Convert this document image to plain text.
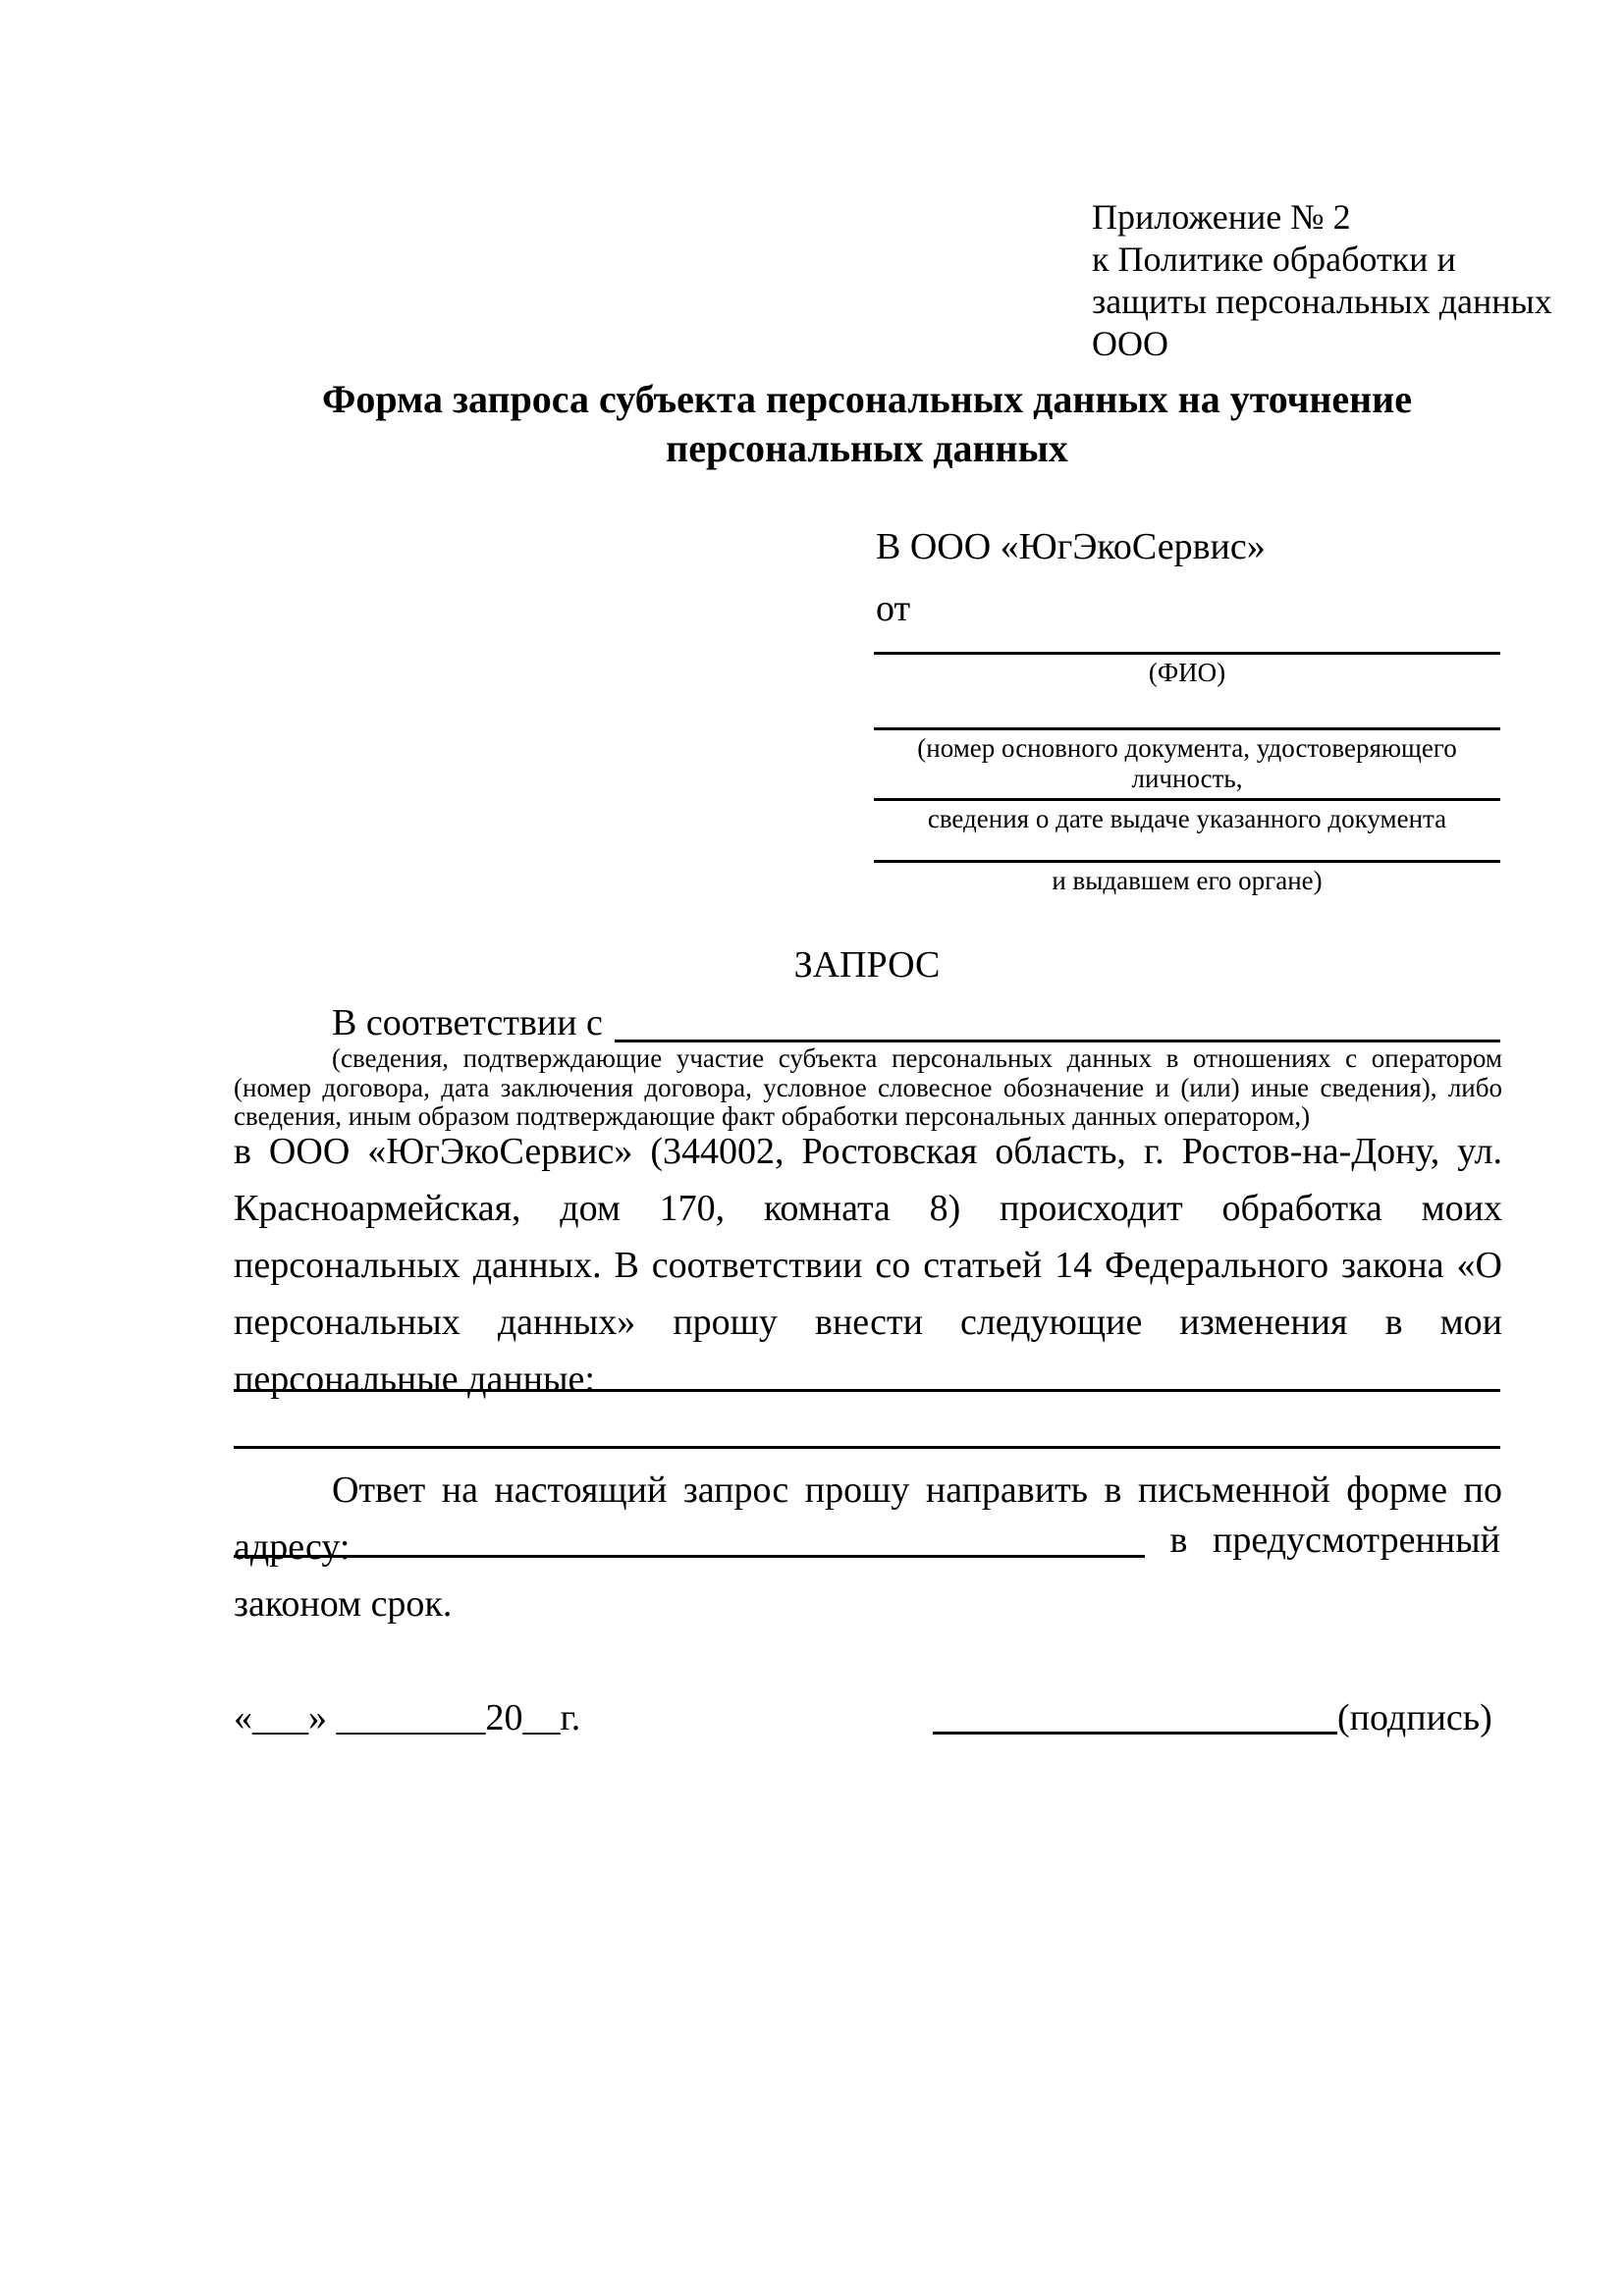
Приложение № 2
к Политике обработки и
защиты персональных данных
ООО
Форма запроса субъекта персональных данных на уточнение персональных данных
В ООО «ЮгЭкоСервис»
от
(ФИО)
(номер основного документа, удостоверяющего личность,
сведения о дате выдаче указанного документа
и выдавшем его органе)
ЗАПРОС
В соответствии с
(сведения, подтверждающие участие субъекта персональных данных в отношениях с оператором (номер договора, дата заключения договора, условное словесное обозначение и (или) иные сведения), либо сведения, иным образом подтверждающие факт обработки персональных данных оператором,)
в ООО «ЮгЭкоСервис» (344002, Ростовская область, г. Ростов-на-Дону, ул. Красноармейская, дом 170, комната 8) происходит обработка моих персональных данных. В соответствии со статьей 14 Федерального закона «О персональных данных» прошу внести следующие изменения в мои персональные данные:
Ответ на настоящий запрос прошу направить в письменной форме по адресу:	в предусмотренный
законом срок.
«___» ________20__г.	(подпись)
